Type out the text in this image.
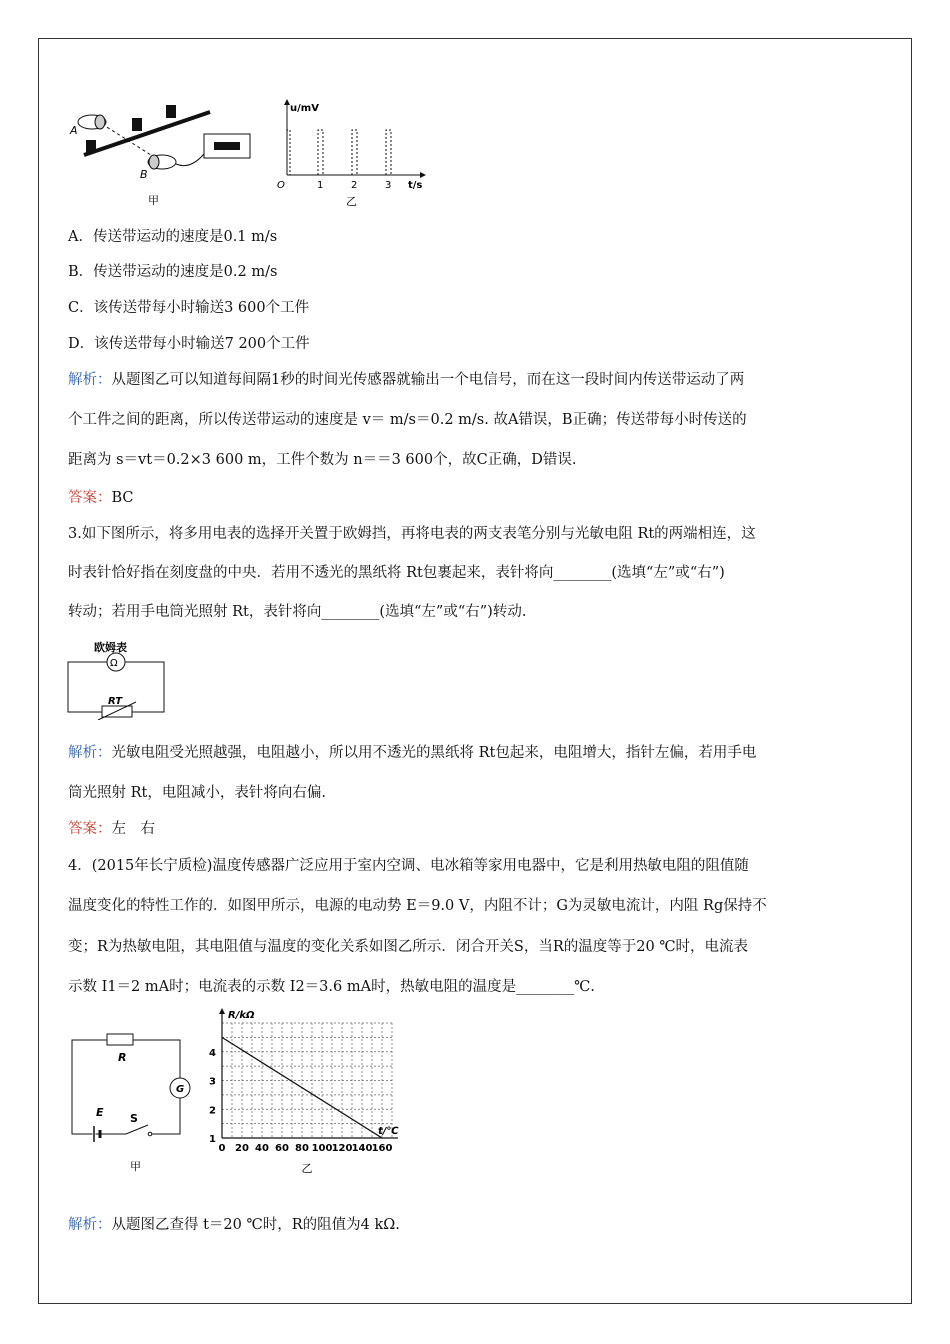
A
B
甲
u/mV
O	1	2	3 t/s
乙
A．传送带运动的速度是0.1 m/s
B．传送带运动的速度是0.2 m/s
C．该传送带每小时输送3 600个工件
D．该传送带每小时输送7 200个工件
解析：从题图乙可以知道每间隔1秒的时间光传感器就输出一个电信号，而在这一段时间内传送带运动了两
个工件之间的距离，所以传送带运动的速度是 v＝ m/s＝0.2 m/s. 故A错误，B正确；传送带每小时传送的
距离为 s＝vt＝0.2×3 600 m，工件个数为 n＝＝3 600个，故C正确，D错误.
答案：BC
3.如下图所示，将多用电表的选择开关置于欧姆挡，再将电表的两支表笔分别与光敏电阻 Rt的两端相连，这
时表针恰好指在刻度盘的中央．若用不透光的黑纸将 Rt包裹起来，表针将向________(选填“左”或“右”)
转动；若用手电筒光照射 Rt，表针将向________(选填“左”或“右”)转动.
Ω
欧姆表
RT
解析：光敏电阻受光照越强，电阻越小，所以用不透光的黑纸将 Rt包起来，电阻增大，指针左偏，若用手电
筒光照射 Rt，电阻减小，表针将向右偏.
答案：左　右
4．(2015年长宁质检)温度传感器广泛应用于室内空调、电冰箱等家用电器中，它是利用热敏电阻的阻值随
温度变化的特性工作的．如图甲所示，电源的电动势 E＝9.0 V，内阻不计；G为灵敏电流计，内阻 Rg保持不
变；R为热敏电阻，其电阻值与温度的变化关系如图乙所示．闭合开关S，当R的温度等于20 ℃时，电流表
示数 I1＝2 mA时；电流表的示数 I2＝3.6 mA时，热敏电阻的温度是________℃.
R
G
E S
甲
0 20 40 60 80 100 120 140 160
1
2
3
4
R/kΩ
t/℃
乙
解析：从题图乙查得 t＝20 ℃时，R的阻值为4 kΩ.
